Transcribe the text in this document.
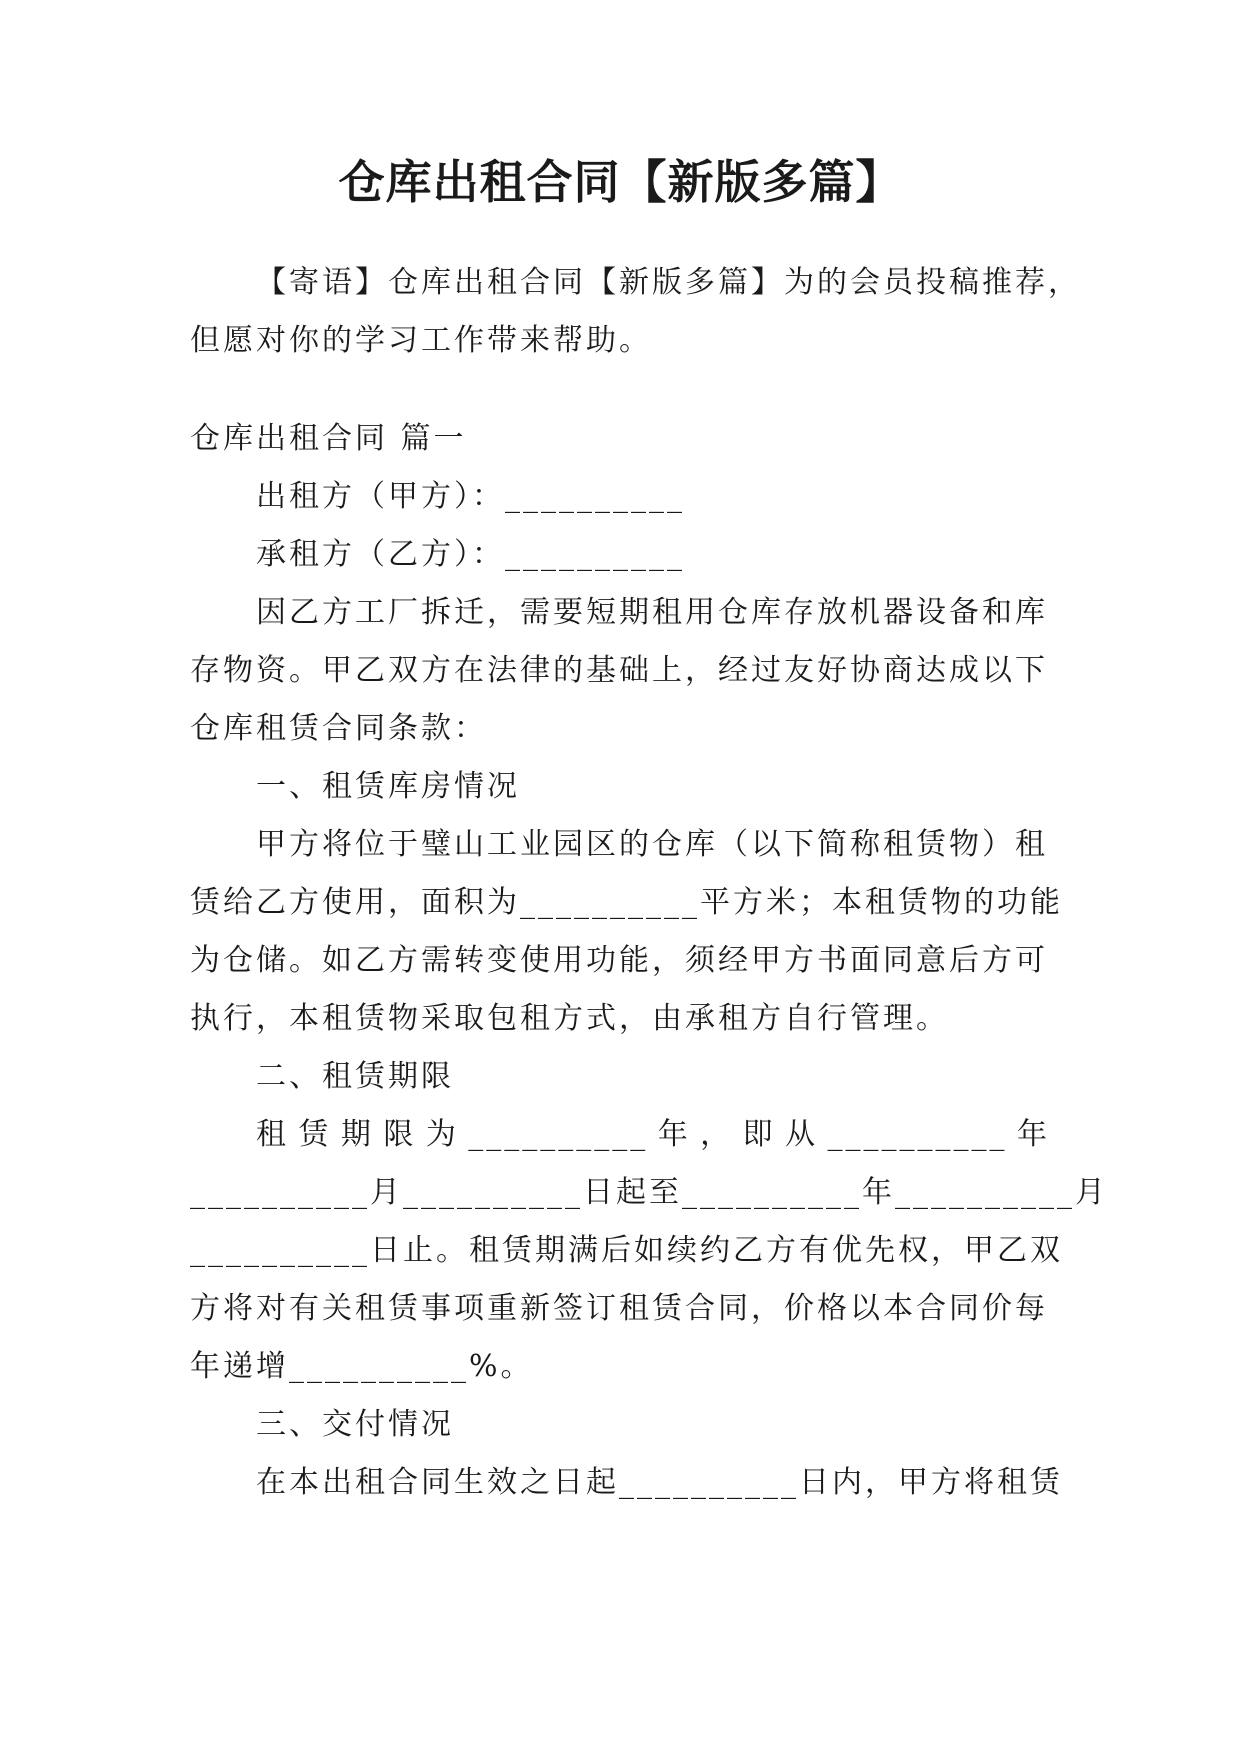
仓库出租合同【新版多篇】
【寄语】仓库出租合同【新版多篇】为的会员投稿推荐，
但愿对你的学习工作带来帮助。
仓库出租合同 篇一
出租方（甲方）：__________
承租方（乙方）：__________
因乙方工厂拆迁，需要短期租用仓库存放机器设备和库
存物资。甲乙双方在法律的基础上，经过友好协商达成以下
仓库租赁合同条款：
一、租赁库房情况
甲方将位于璧山工业园区的仓库（以下简称租赁物）租
赁给乙方使用，面积为__________平方米；本租赁物的功能
为仓储。如乙方需转变使用功能，须经甲方书面同意后方可
执行，本租赁物采取包租方式，由承租方自行管理。
二、租赁期限
租 赁 期 限 为 __________ 年 ， 即 从 __________ 年
__________月__________日起至__________年__________月
__________日止。租赁期满后如续约乙方有优先权，甲乙双
方将对有关租赁事项重新签订租赁合同，价格以本合同价每
年递增__________%。
三、交付情况
在本出租合同生效之日起__________日内，甲方将租赁
